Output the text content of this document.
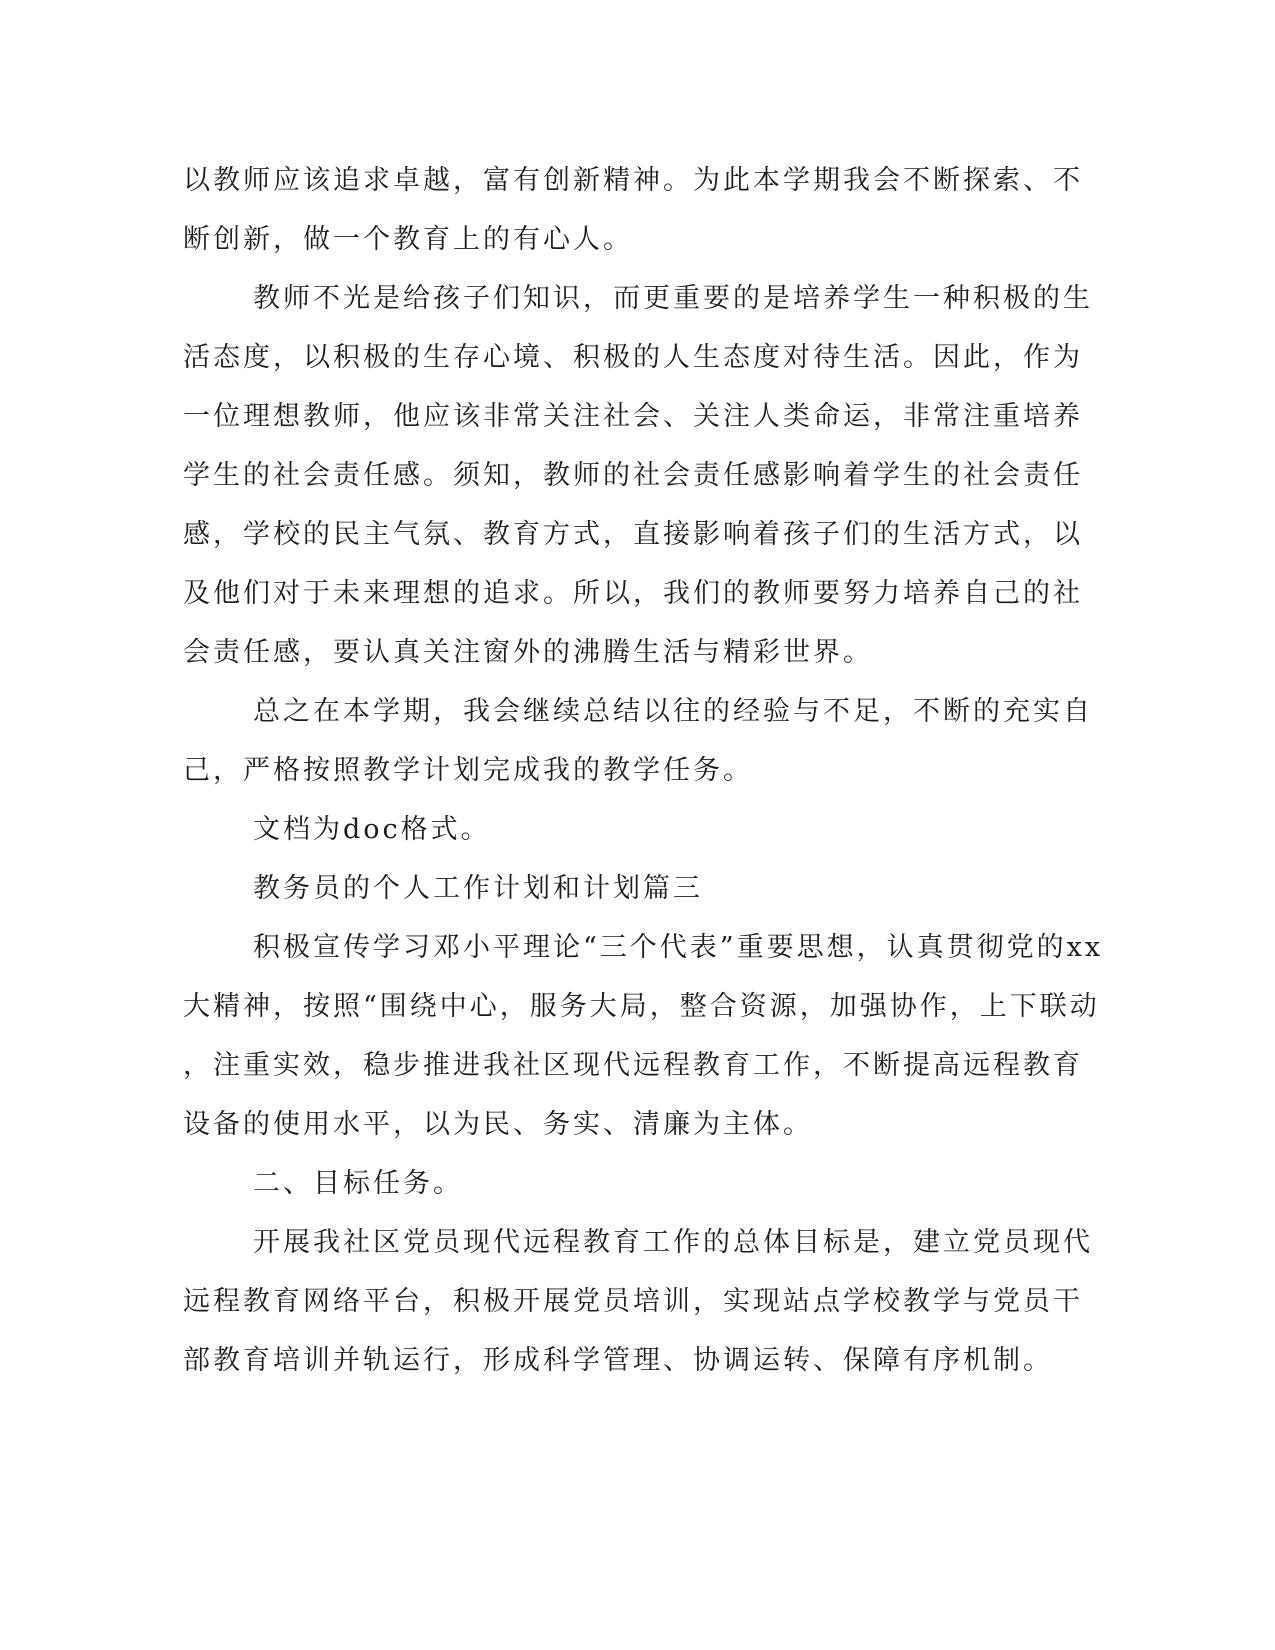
以教师应该追求卓越，富有创新精神。为此本学期我会不断探索、不

断创新，做一个教育上的有心人。

教师不光是给孩子们知识，而更重要的是培养学生一种积极的生

活态度，以积极的生存心境、积极的人生态度对待生活。因此，作为

一位理想教师，他应该非常关注社会、关注人类命运，非常注重培养

学生的社会责任感。须知，教师的社会责任感影响着学生的社会责任

感，学校的民主气氛、教育方式，直接影响着孩子们的生活方式，以

及他们对于未来理想的追求。所以，我们的教师要努力培养自己的社

会责任感，要认真关注窗外的沸腾生活与精彩世界。

总之在本学期，我会继续总结以往的经验与不足，不断的充实自

己，严格按照教学计划完成我的教学任务。

文档为doc格式。

教务员的个人工作计划和计划篇三

积极宣传学习邓小平理论“三个代表”重要思想，认真贯彻党的xx

大精神，按照“围绕中心，服务大局，整合资源，加强协作，上下联动

，注重实效，稳步推进我社区现代远程教育工作，不断提高远程教育

设备的使用水平，以为民、务实、清廉为主体。

二、目标任务。

开展我社区党员现代远程教育工作的总体目标是，建立党员现代

远程教育网络平台，积极开展党员培训，实现站点学校教学与党员干

部教育培训并轨运行，形成科学管理、协调运转、保障有序机制。
